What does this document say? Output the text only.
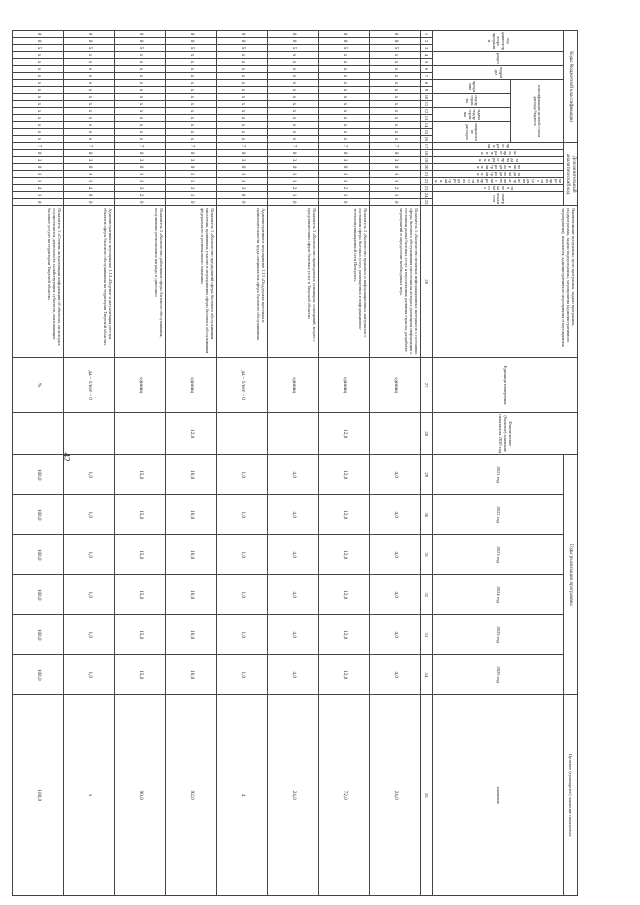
42
Коды бюджетной классификации																Дополнительный аналитический код									Наименование программы, цели программы, задачи программы, подпрограммы, задачи подпрограммы, мероприятия (административного мероприятия), показателя, административного мероприятия и мероприятия	Единица измерения	Фактическое (базовое) значение показателя 2020 год	Годы реализации программы						Целевое (суммарное) значение показателя	
код администратора программы			раздел		подраздел		классификация целевой статьи расхода бюджета									программа	цель программы	задача программы	номер подпрограммы	задача подпрограммы	мероприятие (административное мероприятие) подпрограммы	тип показателя	номер показателя					2021 год	2022 год	2023 год	2024 год	2025 год	2026 год	значение	
							программа		подпрограмма		задача подпрограммы		направление расходов																						
1	2	3	4	5	6	7	8	9	10	11	12	13	14	15	16	17	18	19	20	21	22	23	24	25	26	27	28	29	30	31	32	33	34	35		
0	0	5	х	х	х	х	х	х	х	х	х	х	х	х	х	7	0	3	0	1	1	2	1	0	Показатель 1 «Количество печатных информационных материалов о состоянии сферы бытового обслуживания населения на которых размещена информация о состоянии рынка бытовых услуг и перспективах развития отрасли, разработке мероприятий и определение необходимых мер»	единиц		4,0	4,0	4,0	4,0	4,0	4,0	24,0	
0	0	5	х	х	х	х	х	х	х	х	х	х	х	х	х	7	0	3	0	1	1	2	1	0	Показатель 2 «Количество правовых и информационных материалов о состоянии сферы бытовых услуг, размещенных в информационно-телекоммуникационной сети Интернет»	единиц	12,0	12,0	12,0	12,0	12,0	12,0	12,0	72,0	
0	0	5	х	х	х	х	х	х	х	х	х	х	х	х	х	7	0	3	0	1	1	2	1	0	Показатель 3 «Количество проведенных семинаров, совещаний, встреч с представителями сферы бытовых услуг в Тверской области»	единиц		4,0	4,0	4,0	4,0	4,0	4,0	24,0	
0	0	5	х	х	х	х	х	х	х	х	х	х	х	х	х	7	0	3	0	1	1	3	0	0	Административное мероприятие 1.13 «Поддержка престижа и привлекательности труда специалистов сферы бытового обслуживания»	да – 1/нет – 0		1,0	1,0	1,0	1,0	1,0	1,0	4	
0	0	5	х	х	х	х	х	х	х	х	х	х	х	х	х	7	0	3	0	1	1	3	1	0	Показатель 1 «Количество предприятий сферы бытового обслуживания населения, принявших участие в мероприятиях сферы бытового обслуживания федерального и регионального значения»	единиц	12,0	16,0	16,0	16,0	16,0	16,0	16,0	92,0	
0	0	5	х	х	х	х	х	х	х	х	х	х	х	х	х	7	0	3	0	1	1	3	2	0	Показатель 2 «Количество работников сферы бытового обслуживания, получивших региональные награды и дипломы»	единиц		15,0	15,0	15,0	15,0	15,0	15,0	90,0	
0	0	5	х	х	х	х	х	х	х	х	х	х	х	х	х	7	0	3	0	1	1	4	0	0	Административное мероприятие 1.14 «Ведение и актуализация реестра объектов сферы бытового обслуживания на территории Тверской области»	да – 1/нет – 0		1,0	1,0	1,0	1,0	1,0	1,0	х	
0	0	5	х	х	х	х	х	х	х	х	х	х	х	х	х	7	0	3	0	1	1	4	1	0	Показатель 1 «Степень актуализации информации об объектах, на которых осуществляется деятельность хозяйствующих субъектов, оказывающих бытовые услуги на территории Тверской области»	%		100,0	100,0	100,0	100,0	100,0	100,0	100,0	
